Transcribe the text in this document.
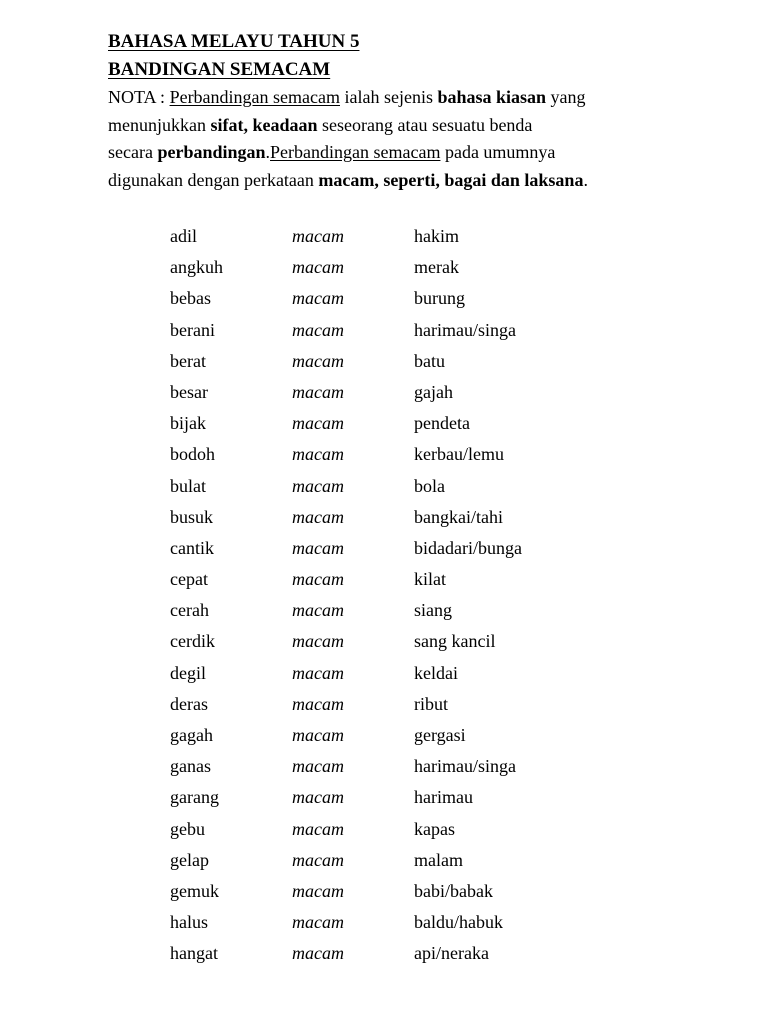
BAHASA MELAYU TAHUN 5
BANDINGAN SEMACAM
NOTA : Perbandingan semacam ialah sejenis bahasa kiasan yang
menunjukkan sifat, keadaan seseorang atau sesuatu benda
secara perbandingan.Perbandingan semacam pada umumnya
digunakan dengan perkataan macam, seperti, bagai dan laksana.
adil	macam	hakim
angkuh	macam	merak
bebas	macam	burung
berani	macam	harimau/singa
berat	macam	batu
besar	macam	gajah
bijak	macam	pendeta
bodoh	macam	kerbau/lemu
bulat	macam	bola
busuk	macam	bangkai/tahi
cantik	macam	bidadari/bunga
cepat	macam	kilat
cerah	macam	siang
cerdik	macam	sang kancil
degil	macam	keldai
deras	macam	ribut
gagah	macam	gergasi
ganas	macam	harimau/singa
garang	macam	harimau
gebu	macam	kapas
gelap	macam	malam
gemuk	macam	babi/babak
halus	macam	baldu/habuk
hangat	macam	api/neraka
